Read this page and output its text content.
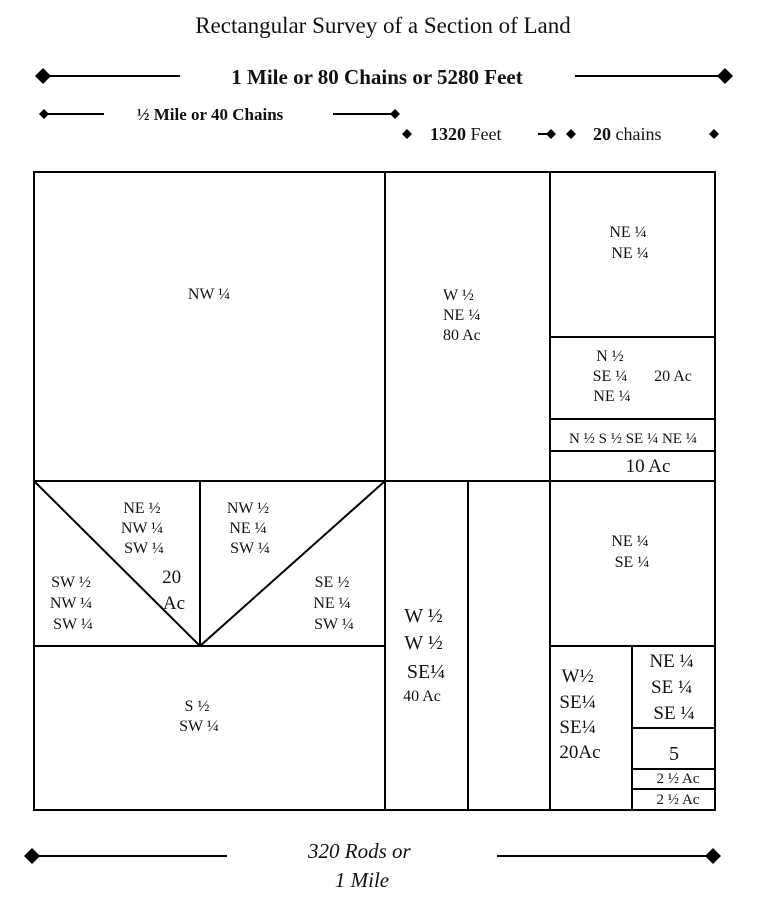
Rectangular Survey of a Section of Land
1 Mile or 80 Chains or 5280 Feet
½ Mile or 40 Chains
1320 Feet	20 chains
NW ¼	W ½ NE ¼ 80 Ac
NE ¼ NE ¼
N ½ SE ¼ NE ¼
20 Ac
N ½ S ½ SE ¼ NE ¼
10 Ac
NE ½ NW ¼ SW ¼
NW ½ NE ¼ SW ¼
SW ½ NW ¼ SW ¼
20 Ac
SE ½ NE ¼ SW ¼
S ½ SW ¼
W ½ W ½ SE¼
40 Ac
NE ¼ SE ¼
W½ SE¼ SE¼ 20Ac
NE ¼ SE ¼ SE ¼
5
2 ½ Ac
2 ½ Ac
320 Rods or 1 Mile
